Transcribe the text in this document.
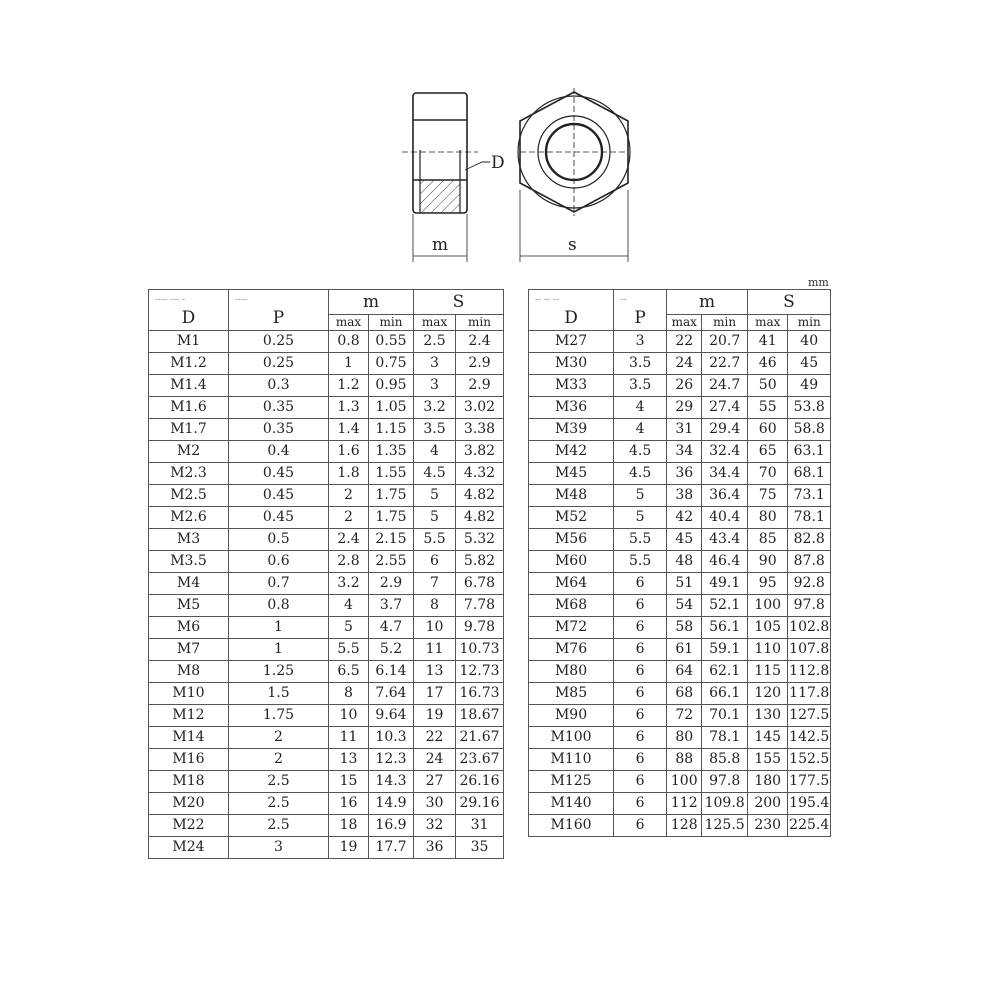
D
m	s
mm
‐-‐‐ ‐‐‐ ‐
D	‐‐‐‐
P	m		S	
		max	min	max	min
M1	0.25	0.8	0.55	2.5	2.4
M1.2	0.25	1	0.75	3	2.9
M1.4	0.3	1.2	0.95	3	2.9
M1.6	0.35	1.3	1.05	3.2	3.02
M1.7	0.35	1.4	1.15	3.5	3.38
M2	0.4	1.6	1.35	4	3.82
M2.3	0.45	1.8	1.55	4.5	4.32
M2.5	0.45	2	1.75	5	4.82
M2.6	0.45	2	1.75	5	4.82
M3	0.5	2.4	2.15	5.5	5.32
M3.5	0.6	2.8	2.55	6	5.82
M4	0.7	3.2	2.9	7	6.78
M5	0.8	4	3.7	8	7.78
M6	1	5	4.7	10	9.78
M7	1	5.5	5.2	11	10.73
M8	1.25	6.5	6.14	13	12.73
M10	1.5	8	7.64	17	16.73
M12	1.75	10	9.64	19	18.67
M14	2	11	10.3	22	21.67
M16	2	13	12.3	24	23.67
M18	2.5	15	14.3	27	26.16
M20	2.5	16	14.9	30	29.16
M22	2.5	18	16.9	32	31
M24	3	19	17.7	36	35
‐‐ ‐‐ ‐‐
D	‐‐
P	m		S	
		max	min	max	min
M27	3	22	20.7	41	40
M30	3.5	24	22.7	46	45
M33	3.5	26	24.7	50	49
M36	4	29	27.4	55	53.8
M39	4	31	29.4	60	58.8
M42	4.5	34	32.4	65	63.1
M45	4.5	36	34.4	70	68.1
M48	5	38	36.4	75	73.1
M52	5	42	40.4	80	78.1
M56	5.5	45	43.4	85	82.8
M60	5.5	48	46.4	90	87.8
M64	6	51	49.1	95	92.8
M68	6	54	52.1	100	97.8
M72	6	58	56.1	105	102.8
M76	6	61	59.1	110	107.8
M80	6	64	62.1	115	112.8
M85	6	68	66.1	120	117.8
M90	6	72	70.1	130	127.5
M100	6	80	78.1	145	142.5
M110	6	88	85.8	155	152.5
M125	6	100	97.8	180	177.5
M140	6	112	109.8	200	195.4
M160	6	128	125.5	230	225.4
